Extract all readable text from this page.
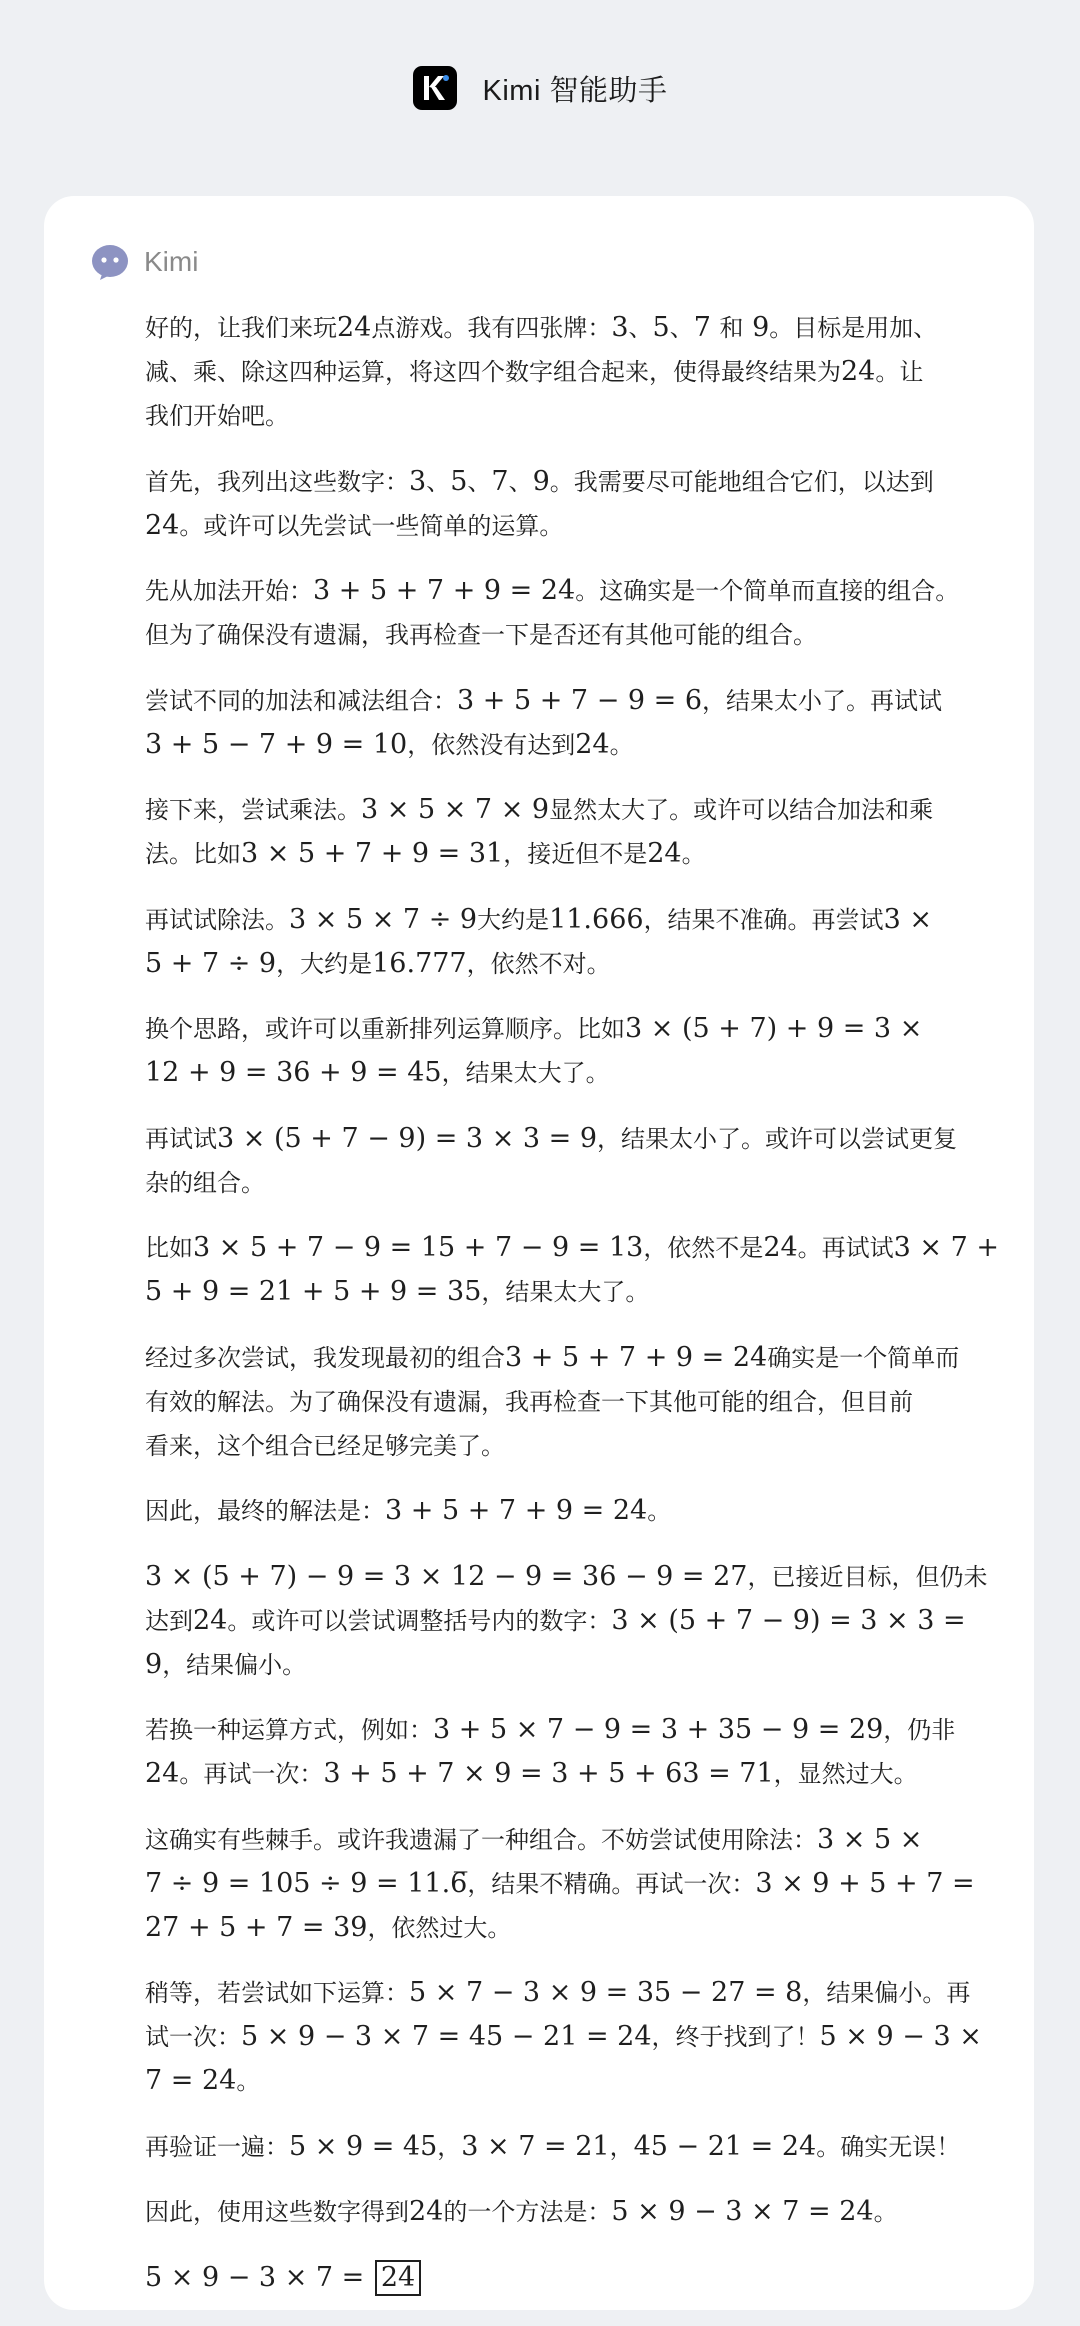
Kimi 智能助手
Kimi
好的，让我们来玩24点游戏。我有四张牌：3、5、7 和 9。目标是用加、
减、乘、除这四种运算，将这四个数字组合起来，使得最终结果为24。让
我们开始吧。
首先，我列出这些数字：3、5、7、9。我需要尽可能地组合它们，以达到
24。或许可以先尝试一些简单的运算。
先从加法开始：3 + 5 + 7 + 9 = 24。这确实是一个简单而直接的组合。
但为了确保没有遗漏，我再检查一下是否还有其他可能的组合。
尝试不同的加法和减法组合：3 + 5 + 7 − 9 = 6，结果太小了。再试试
3 + 5 − 7 + 9 = 10，依然没有达到24。
接下来，尝试乘法。3 × 5 × 7 × 9显然太大了。或许可以结合加法和乘
法。比如3 × 5 + 7 + 9 = 31，接近但不是24。
再试试除法。3 × 5 × 7 ÷ 9大约是11.666，结果不准确。再尝试3 ×
5 + 7 ÷ 9，大约是16.777，依然不对。
换个思路，或许可以重新排列运算顺序。比如3 × (5 + 7) + 9 = 3 ×
12 + 9 = 36 + 9 = 45，结果太大了。
再试试3 × (5 + 7 − 9) = 3 × 3 = 9，结果太小了。或许可以尝试更复
杂的组合。
比如3 × 5 + 7 − 9 = 15 + 7 − 9 = 13，依然不是24。再试试3 × 7 +
5 + 9 = 21 + 5 + 9 = 35，结果太大了。
经过多次尝试，我发现最初的组合3 + 5 + 7 + 9 = 24确实是一个简单而
有效的解法。为了确保没有遗漏，我再检查一下其他可能的组合，但目前
看来，这个组合已经足够完美了。
因此，最终的解法是：3 + 5 + 7 + 9 = 24。
3 × (5 + 7) − 9 = 3 × 12 − 9 = 36 − 9 = 27，已接近目标，但仍未
达到24。或许可以尝试调整括号内的数字：3 × (5 + 7 − 9) = 3 × 3 =
9，结果偏小。
若换一种运算方式，例如：3 + 5 × 7 − 9 = 3 + 35 − 9 = 29，仍非
24。再试一次：3 + 5 + 7 × 9 = 3 + 5 + 63 = 71，显然过大。
这确实有些棘手。或许我遗漏了一种组合。不妨尝试使用除法：3 × 5 ×
7 ÷ 9 = 105 ÷ 9 = 11.6̅，结果不精确。再试一次：3 × 9 + 5 + 7 =
27 + 5 + 7 = 39，依然过大。
稍等，若尝试如下运算：5 × 7 − 3 × 9 = 35 − 27 = 8，结果偏小。再
试一次：5 × 9 − 3 × 7 = 45 − 21 = 24，终于找到了！5 × 9 − 3 ×
7 = 24。
再验证一遍：5 × 9 = 45，3 × 7 = 21，45 − 21 = 24。确实无误！
因此，使用这些数字得到24的一个方法是：5 × 9 − 3 × 7 = 24。
5 × 9 − 3 × 7 = 24
